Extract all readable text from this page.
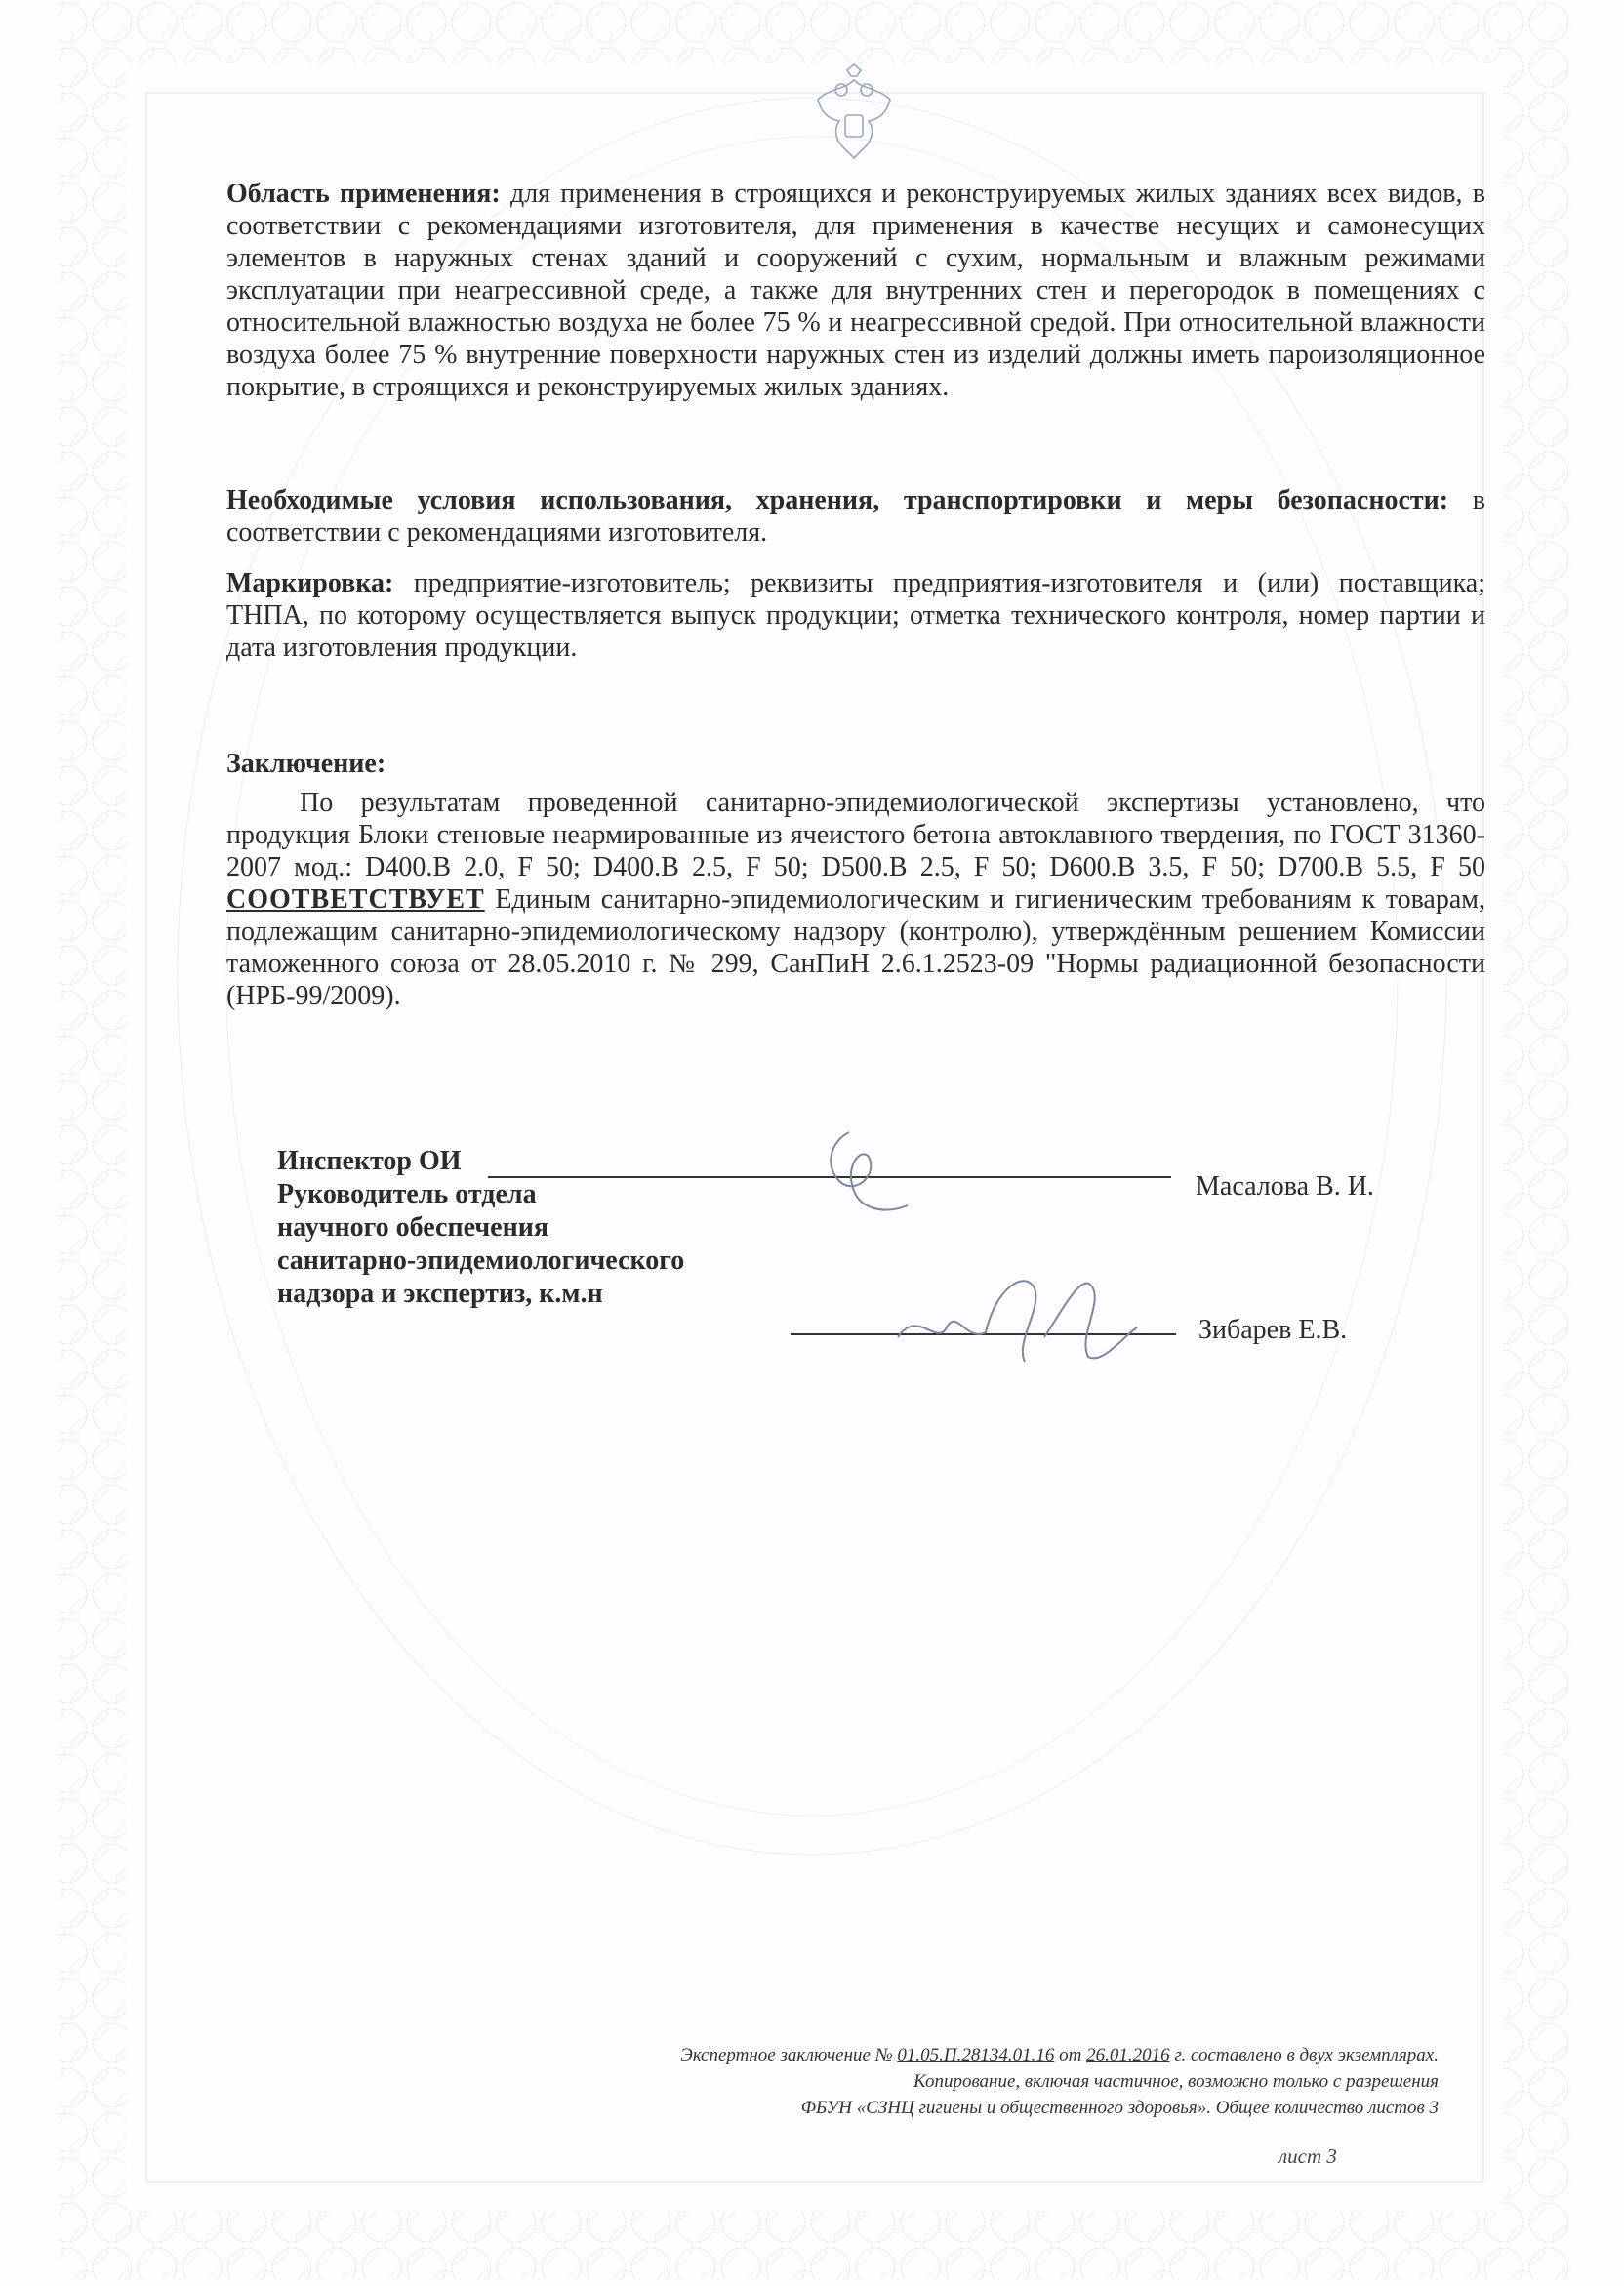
Область применения: для применения в строящихся и реконструируемых жилых зданиях всех видов, в соответствии с рекомендациями изготовителя, для применения в качестве несущих и самонесущих элементов в наружных стенах зданий и сооружений с сухим, нормальным и влажным режимами эксплуатации при неагрессивной среде, а также для внутренних стен и перегородок в помещениях с относительной влажностью воздуха не более 75 % и неагрессивной средой. При относительной влажности воздуха более 75 % внутренние поверхности наружных стен из изделий должны иметь пароизоляционное покрытие, в строящихся и реконструируемых жилых зданиях.

Необходимые условия использования, хранения, транспортировки и меры безопасности: в соответствии с рекомендациями изготовителя.

Маркировка: предприятие-изготовитель; реквизиты предприятия-изготовителя и (или) поставщика; ТНПА, по которому осуществляется выпуск продукции; отметка технического контроля, номер партии и дата изготовления продукции.

Заключение:

По результатам проведенной санитарно-эпидемиологической экспертизы установлено, что продукция Блоки стеновые неармированные из ячеистого бетона автоклавного твердения, по ГОСТ 31360-2007 мод.: D400.В 2.0, F 50; D400.В 2.5, F 50; D500.В 2.5, F 50; D600.В 3.5, F 50; D700.В 5.5, F 50 СООТВЕТСТВУЕТ Единым санитарно-эпидемиологическим и гигиеническим требованиям к товарам, подлежащим санитарно-эпидемиологическому надзору (контролю), утверждённым решением Комиссии таможенного союза от 28.05.2010 г. № 299, СанПиН 2.6.1.2523-09 "Нормы радиационной безопасности (НРБ-99/2009).

Инспектор ОИ
Руководитель отдела
научного обеспечения
санитарно-эпидемиологического
надзора и экспертиз, к.м.н
Масалова В. И.
Зибарев Е.В.
Экспертное заключение № 01.05.П.28134.01.16 от 26.01.2016 г. составлено в двух экземплярах.
Копирование, включая частичное, возможно только с разрешения
ФБУН «СЗНЦ гигиены и общественного здоровья». Общее количество листов 3
лист 3
